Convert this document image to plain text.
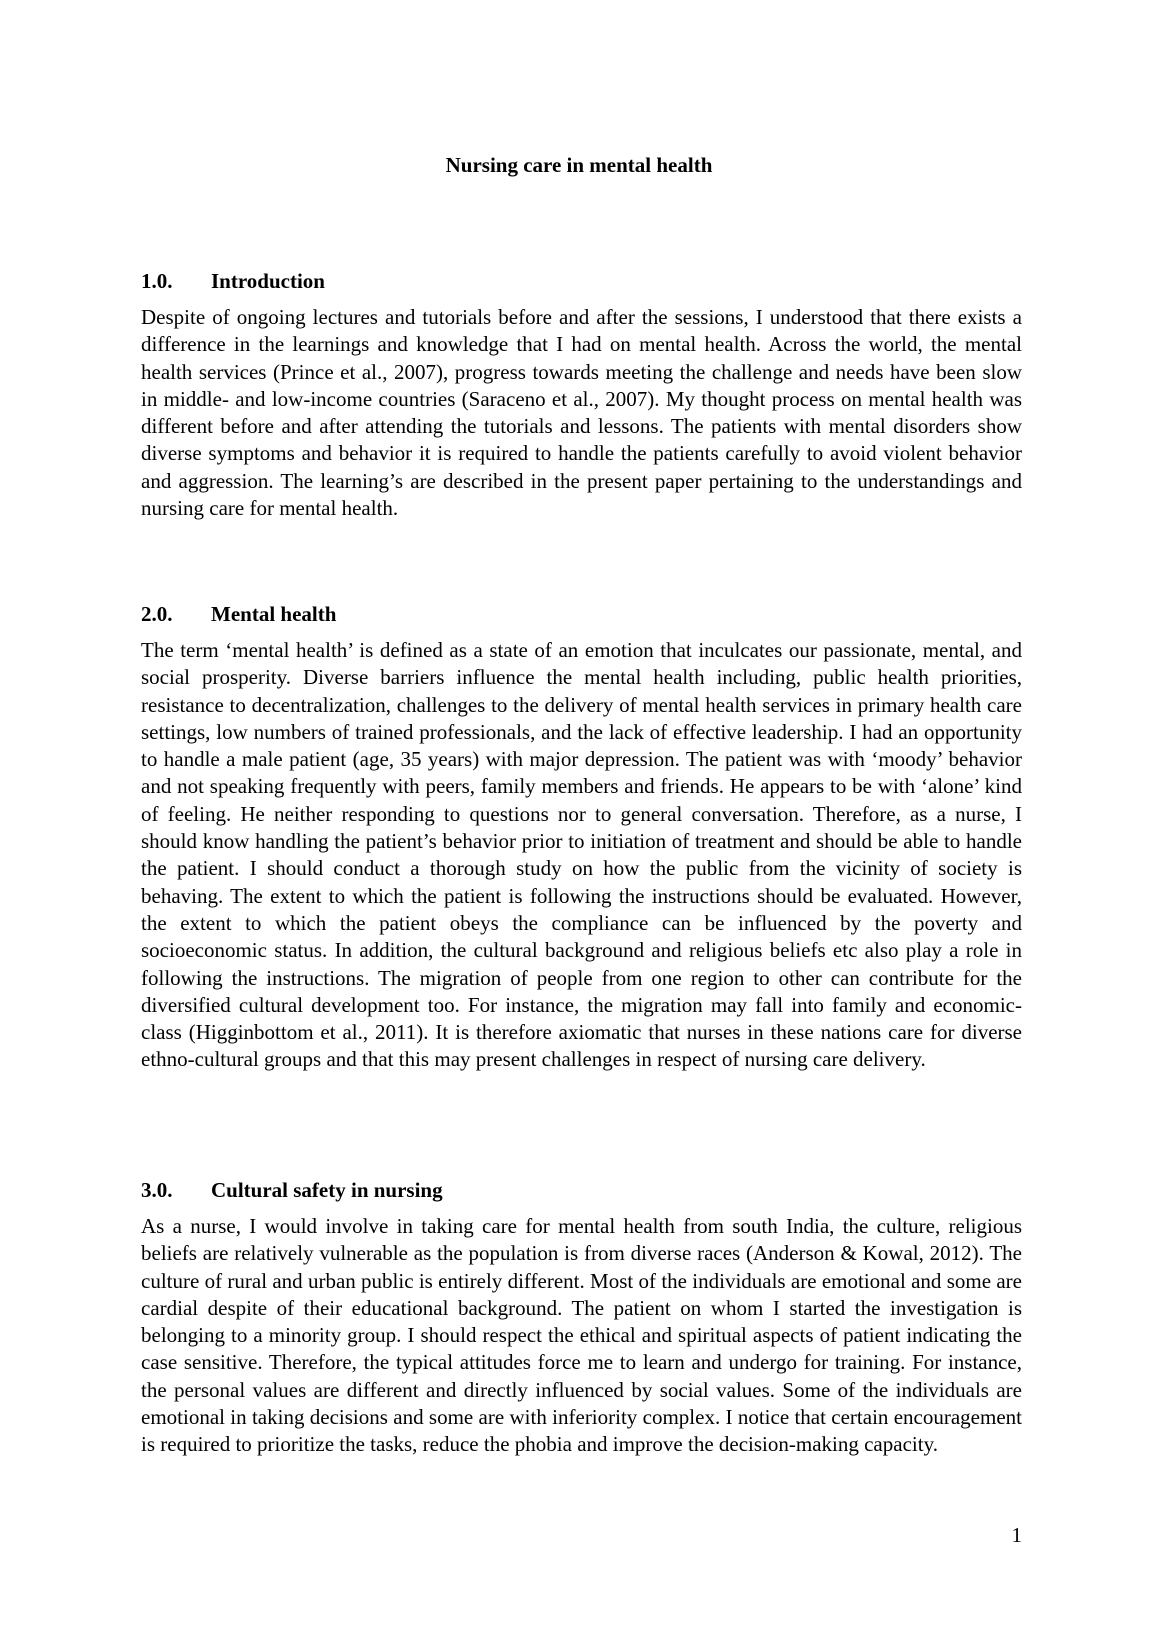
Nursing care in mental health
1.0.	Introduction

Despite of ongoing lectures and tutorials before and after the sessions, I understood that there exists a difference in the learnings and knowledge that I had on mental health. Across the world, the mental health services (Prince et al., 2007), progress towards meeting the challenge and needs have been slow in middle- and low-income countries (Saraceno et al., 2007). My thought process on mental health was different before and after attending the tutorials and lessons. The patients with mental disorders show diverse symptoms and behavior it is required to handle the patients carefully to avoid violent behavior and aggression. The learning’s are described in the present paper pertaining to the understandings and nursing care for mental health.

2.0.	Mental health

The term ‘mental health’ is defined as a state of an emotion that inculcates our passionate, mental, and social prosperity. Diverse barriers influence the mental health including, public health priorities, resistance to decentralization, challenges to the delivery of mental health services in primary health care settings, low numbers of trained professionals, and the lack of effective leadership. I had an opportunity to handle a male patient (age, 35 years) with major depression. The patient was with ‘moody’ behavior and not speaking frequently with peers, family members and friends. He appears to be with ‘alone’ kind of feeling. He neither responding to questions nor to general conversation. Therefore, as a nurse, I should know handling the patient’s behavior prior to initiation of treatment and should be able to handle the patient. I should conduct a thorough study on how the public from the vicinity of society is behaving. The extent to which the patient is following the instructions should be evaluated. However, the extent to which the patient obeys the compliance can be influenced by the poverty and socioeconomic status. In addition, the cultural background and religious beliefs etc also play a role in following the instructions. The migration of people from one region to other can contribute for the diversified cultural development too. For instance, the migration may fall into family and economic-class (Higginbottom et al., 2011). It is therefore axiomatic that nurses in these nations care for diverse ethno-cultural groups and that this may present challenges in respect of nursing care delivery.

3.0.	Cultural safety in nursing

As a nurse, I would involve in taking care for mental health from south India, the culture, religious beliefs are relatively vulnerable as the population is from diverse races (Anderson & Kowal, 2012). The culture of rural and urban public is entirely different. Most of the individuals are emotional and some are cardial despite of their educational background. The patient on whom I started the investigation is belonging to a minority group. I should respect the ethical and spiritual aspects of patient indicating the case sensitive. Therefore, the typical attitudes force me to learn and undergo for training. For instance, the personal values are different and directly influenced by social values. Some of the individuals are emotional in taking decisions and some are with inferiority complex. I notice that certain encouragement is required to prioritize the tasks, reduce the phobia and improve the decision-making capacity.

1
